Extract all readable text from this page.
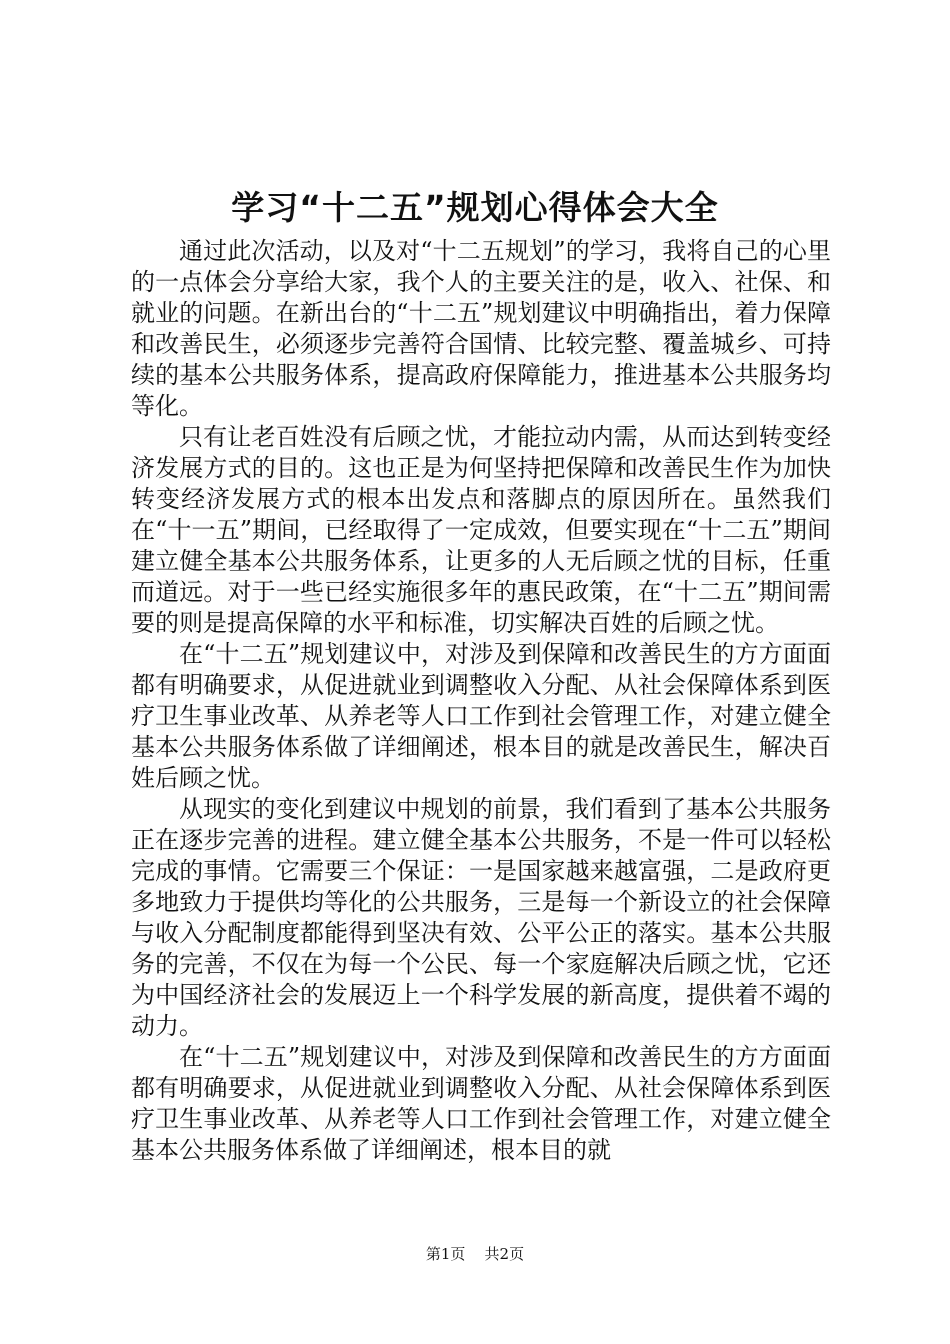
学习“十二五”规划心得体会大全

通过此次活动，以及对“十二五规划”的学习，我将自己的心里的一点体会分享给大家，我个人的主要关注的是，收入、社保、和就业的问题。在新出台的“十二五”规划建议中明确指出，着力保障和改善民生，必须逐步完善符合国情、比较完整、覆盖城乡、可持续的基本公共服务体系，提高政府保障能力，推进基本公共服务均等化。

只有让老百姓没有后顾之忧，才能拉动内需，从而达到转变经济发展方式的目的。这也正是为何坚持把保障和改善民生作为加快转变经济发展方式的根本出发点和落脚点的原因所在。虽然我们在“十一五”期间，已经取得了一定成效，但要实现在“十二五”期间建立健全基本公共服务体系，让更多的人无后顾之忧的目标，任重而道远。对于一些已经实施很多年的惠民政策，在“十二五”期间需要的则是提高保障的水平和标准，切实解决百姓的后顾之忧。

在“十二五”规划建议中，对涉及到保障和改善民生的方方面面都有明确要求，从促进就业到调整收入分配、从社会保障体系到医疗卫生事业改革、从养老等人口工作到社会管理工作，对建立健全基本公共服务体系做了详细阐述，根本目的就是改善民生，解决百姓后顾之忧。

从现实的变化到建议中规划的前景，我们看到了基本公共服务正在逐步完善的进程。建立健全基本公共服务，不是一件可以轻松完成的事情。它需要三个保证：一是国家越来越富强，二是政府更多地致力于提供均等化的公共服务，三是每一个新设立的社会保障与收入分配制度都能得到坚决有效、公平公正的落实。基本公共服务的完善，不仅在为每一个公民、每一个家庭解决后顾之忧，它还为中国经济社会的发展迈上一个科学发展的新高度，提供着不竭的动力。

在“十二五”规划建议中，对涉及到保障和改善民生的方方面面都有明确要求，从促进就业到调整收入分配、从社会保障体系到医疗卫生事业改革、从养老等人口工作到社会管理工作，对建立健全基本公共服务体系做了详细阐述，根本目的就

第1页 共2页
